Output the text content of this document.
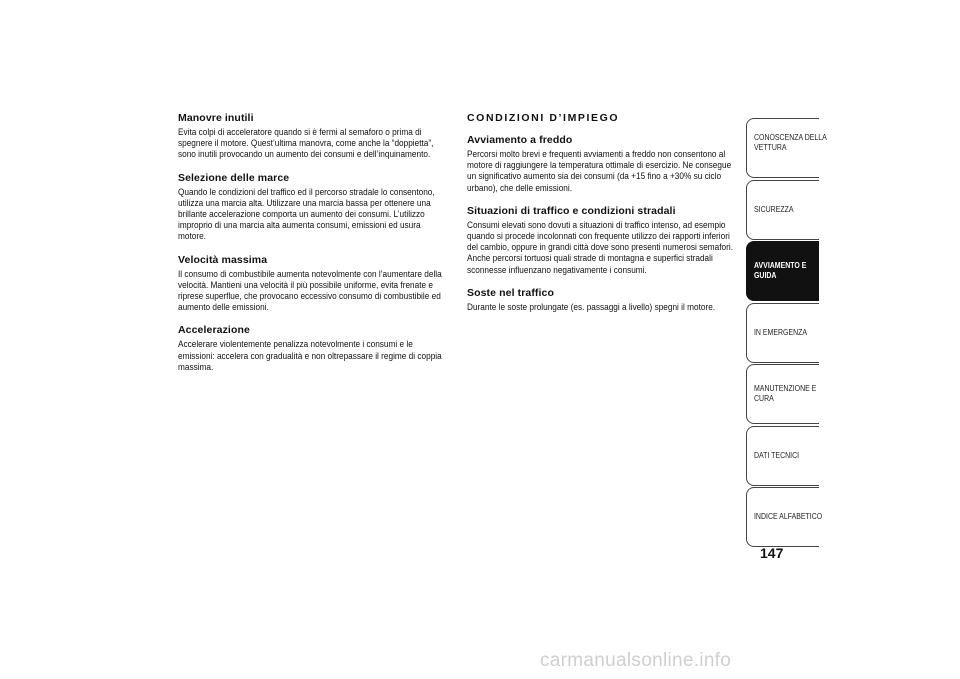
Manovre inutili
Evita colpi di acceleratore quando si è fermi al semaforo o prima di spegnere il motore. Quest’ultima manovra, come anche la “doppietta”, sono inutili provocando un aumento dei consumi e dell’inquinamento.
Selezione delle marce
Quando le condizioni del traffico ed il percorso stradale lo consentono, utilizza una marcia alta. Utilizzare una marcia bassa per ottenere una brillante accelerazione comporta un aumento dei consumi. L’utilizzo improprio di una marcia alta aumenta consumi, emissioni ed usura motore.
Velocità massima
Il consumo di combustibile aumenta notevolmente con l’aumentare della velocità. Mantieni una velocità il più possibile uniforme, evita frenate e riprese superflue, che provocano eccessivo consumo di combustibile ed aumento delle emissioni.
Accelerazione
Accelerare violentemente penalizza notevolmente i consumi e le emissioni: accelera con gradualità e non oltrepassare il regime di coppia massima.
CONDIZIONI D’IMPIEGO
Avviamento a freddo
Percorsi molto brevi e frequenti avviamenti a freddo non consentono al motore di raggiungere la temperatura ottimale di esercizio. Ne consegue un significativo aumento sia dei consumi (da +15 fino a +30% su ciclo urbano), che delle emissioni.
Situazioni di traffico e condizioni stradali
Consumi elevati sono dovuti a situazioni di traffico intenso, ad esempio quando si procede incolonnati con frequente utilizzo dei rapporti inferiori del cambio, oppure in grandi città dove sono presenti numerosi semafori. Anche percorsi tortuosi quali strade di montagna e superfici stradali sconnesse influenzano negativamente i consumi.
Soste nel traffico
Durante le soste prolungate (es. passaggi a livello) spegni il motore.
CONOSCENZA DELLA VETTURA
SICUREZZA
AVVIAMENTO E GUIDA
IN EMERGENZA
MANUTENZIONE E CURA
DATI TECNICI
INDICE ALFABETICO
147
carmanualsonline.info
